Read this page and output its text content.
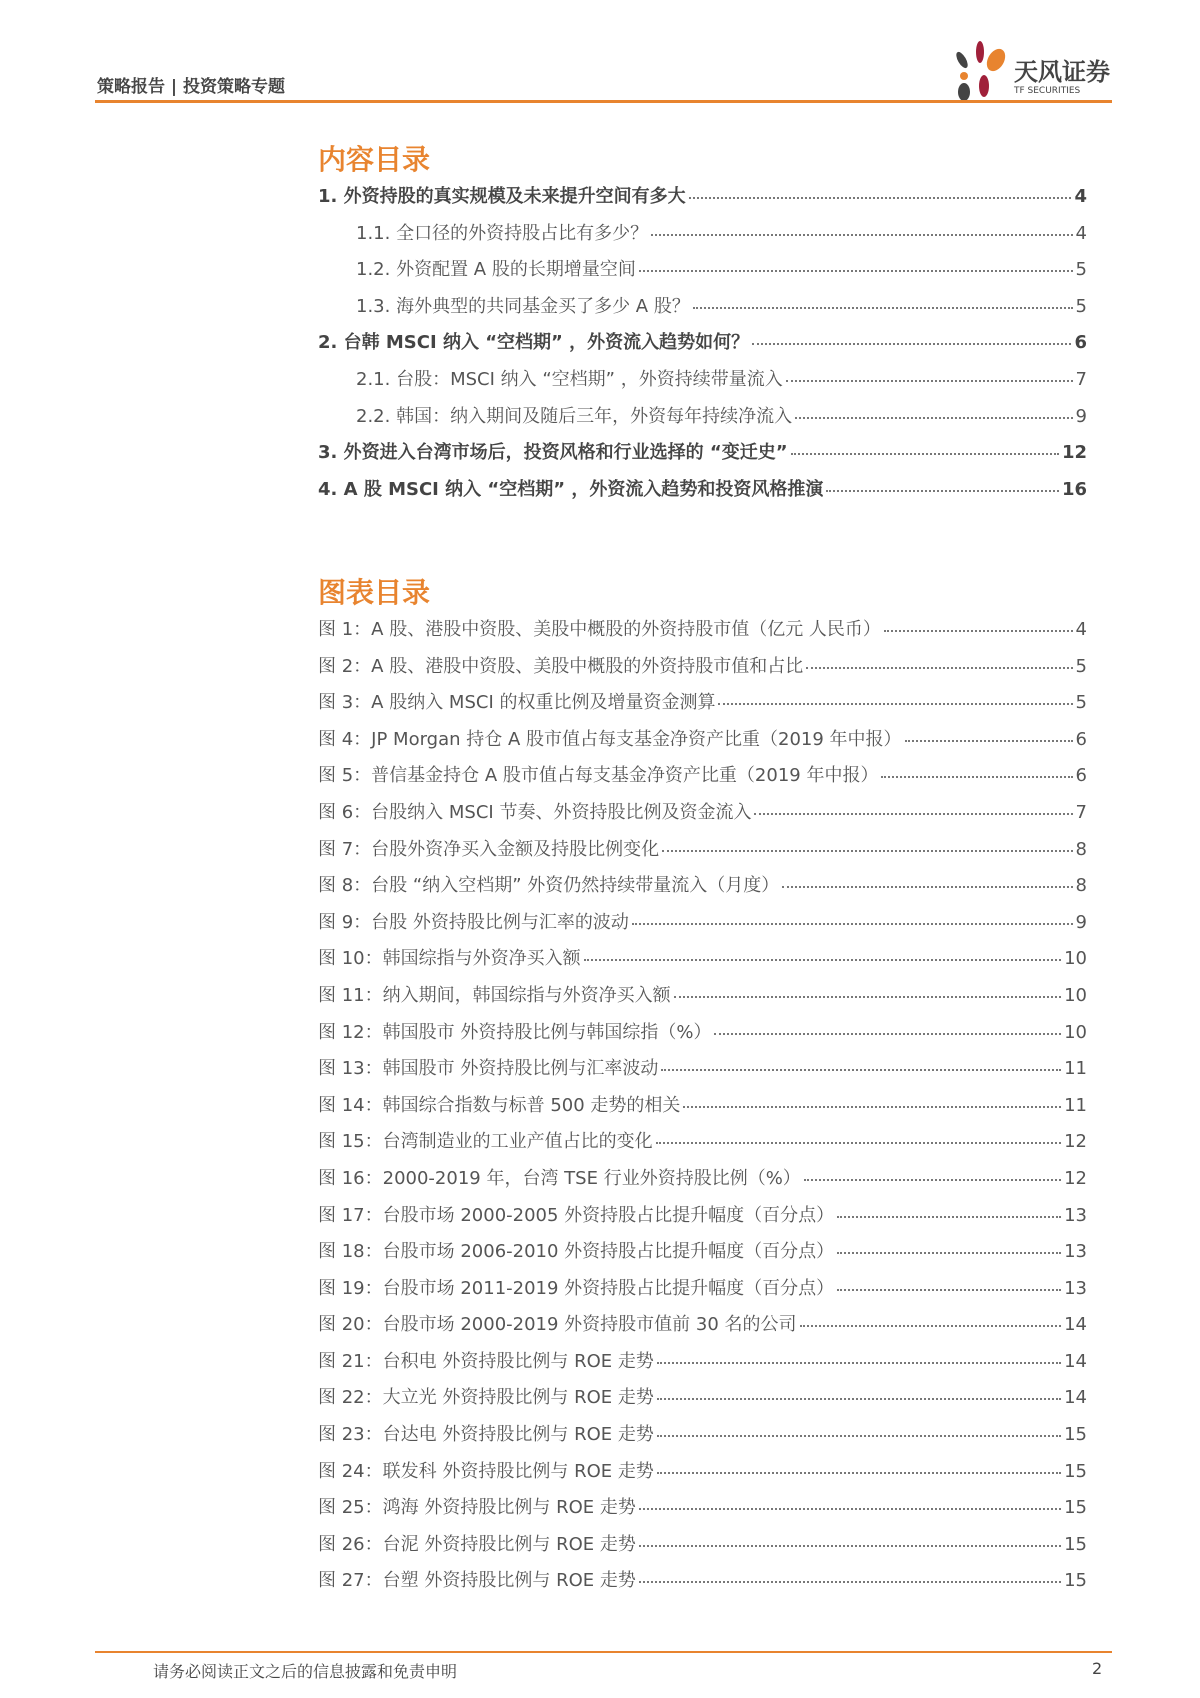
策略报告 | 投资策略专题
天风证券
TF SECURITIES
内容目录
1. 外资持股的真实规模及未来提升空间有多大	4
1.1. 全口径的外资持股占比有多少？	4
1.2. 外资配置 A 股的长期增量空间	5
1.3. 海外典型的共同基金买了多少 A 股？	5
2. 台韩 MSCI 纳入 “空档期” ，外资流入趋势如何？	6
2.1. 台股：MSCI 纳入 “空档期” ，外资持续带量流入	7
2.2. 韩国：纳入期间及随后三年，外资每年持续净流入	9
3. 外资进入台湾市场后，投资风格和行业选择的 “变迁史”	12
4. A 股 MSCI 纳入 “空档期” ，外资流入趋势和投资风格推演	16
图表目录
图 1：A 股、港股中资股、美股中概股的外资持股市值（亿元 人民币）	4
图 2：A 股、港股中资股、美股中概股的外资持股市值和占比	5
图 3：A 股纳入 MSCI 的权重比例及增量资金测算	5
图 4：JP Morgan 持仓 A 股市值占每支基金净资产比重（2019 年中报）	6
图 5：普信基金持仓 A 股市值占每支基金净资产比重（2019 年中报）	6
图 6：台股纳入 MSCI 节奏、外资持股比例及资金流入	7
图 7：台股外资净买入金额及持股比例变化	8
图 8：台股 “纳入空档期” 外资仍然持续带量流入（月度）	8
图 9：台股 外资持股比例与汇率的波动	9
图 10：韩国综指与外资净买入额	10
图 11：纳入期间，韩国综指与外资净买入额	10
图 12：韩国股市 外资持股比例与韩国综指（%）	10
图 13：韩国股市 外资持股比例与汇率波动	11
图 14：韩国综合指数与标普 500 走势的相关	11
图 15：台湾制造业的工业产值占比的变化	12
图 16：2000-2019 年，台湾 TSE 行业外资持股比例（%）	12
图 17：台股市场 2000-2005 外资持股占比提升幅度（百分点）	13
图 18：台股市场 2006-2010 外资持股占比提升幅度（百分点）	13
图 19：台股市场 2011-2019 外资持股占比提升幅度（百分点）	13
图 20：台股市场 2000-2019 外资持股市值前 30 名的公司	14
图 21：台积电 外资持股比例与 ROE 走势	14
图 22：大立光 外资持股比例与 ROE 走势	14
图 23：台达电 外资持股比例与 ROE 走势	15
图 24：联发科 外资持股比例与 ROE 走势	15
图 25：鸿海 外资持股比例与 ROE 走势	15
图 26：台泥 外资持股比例与 ROE 走势	15
图 27：台塑 外资持股比例与 ROE 走势	15
请务必阅读正文之后的信息披露和免责申明	2
